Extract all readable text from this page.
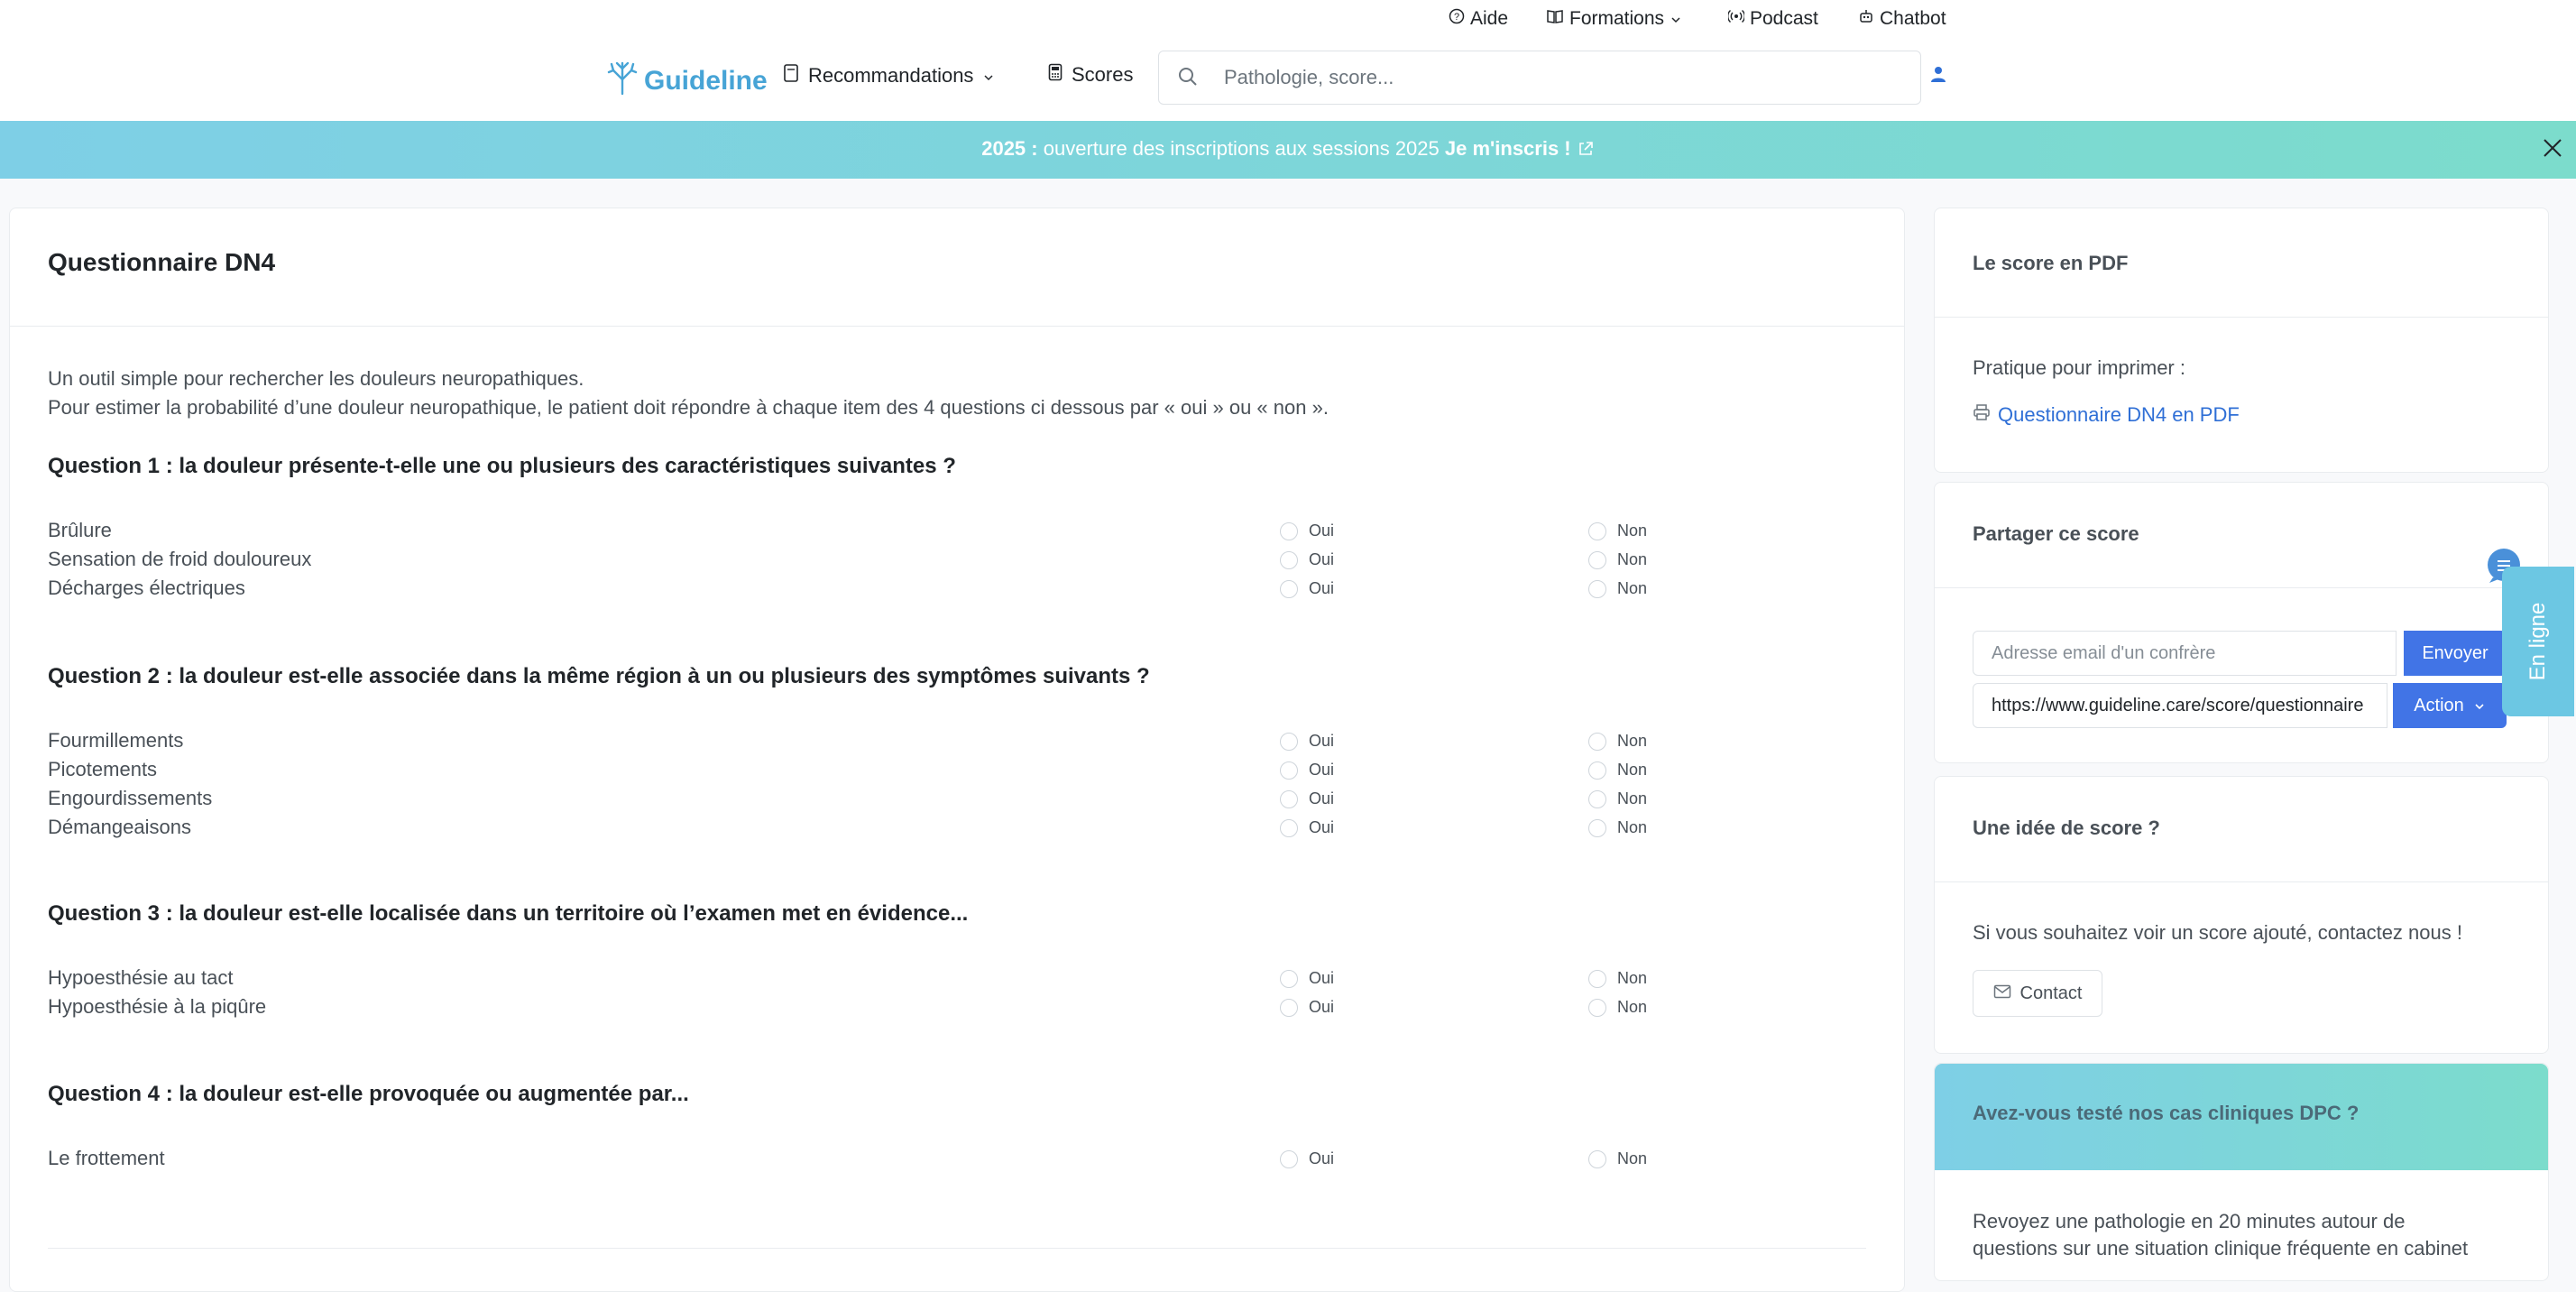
? Aide	Formations	Podcast	Chatbot
Guideline Recommandations	Scores
Pathologie, score...
2025 : ouverture des inscriptions aux sessions 2025 Je m'inscris !
Questionnaire DN4
Un outil simple pour rechercher les douleurs neuropathiques.
Pour estimer la probabilité d’une douleur neuropathique, le patient doit répondre à chaque item des 4 questions ci dessous par « oui » ou « non ».
Question 1 : la douleur présente-t-elle une ou plusieurs des caractéristiques suivantes ?
Brûlure	Oui	Non
Sensation de froid douloureux	Oui	Non
Décharges électriques	Oui	Non
Question 2 : la douleur est-elle associée dans la même région à un ou plusieurs des symptômes suivants ?
Fourmillements	Oui	Non
Picotements	Oui	Non
Engourdissements	Oui	Non
Démangeaisons	Oui	Non
Question 3 : la douleur est-elle localisée dans un territoire où l’examen met en évidence...
Hypoesthésie au tact	Oui	Non
Hypoesthésie à la piqûre	Oui	Non
Question 4 : la douleur est-elle provoquée ou augmentée par...
Le frottement	Oui	Non
Le score en PDF
Pratique pour imprimer :
Questionnaire DN4 en PDF
Partager ce score
Adresse email d'un confrère
Envoyer
https://www.guideline.care/score/questionnaire
Action
Une idée de score ?
Si vous souhaitez voir un score ajouté, contactez nous !
Contact
Avez-vous testé nos cas cliniques DPC ?
Revoyez une pathologie en 20 minutes autour de
questions sur une situation clinique fréquente en cabinet
En ligne
